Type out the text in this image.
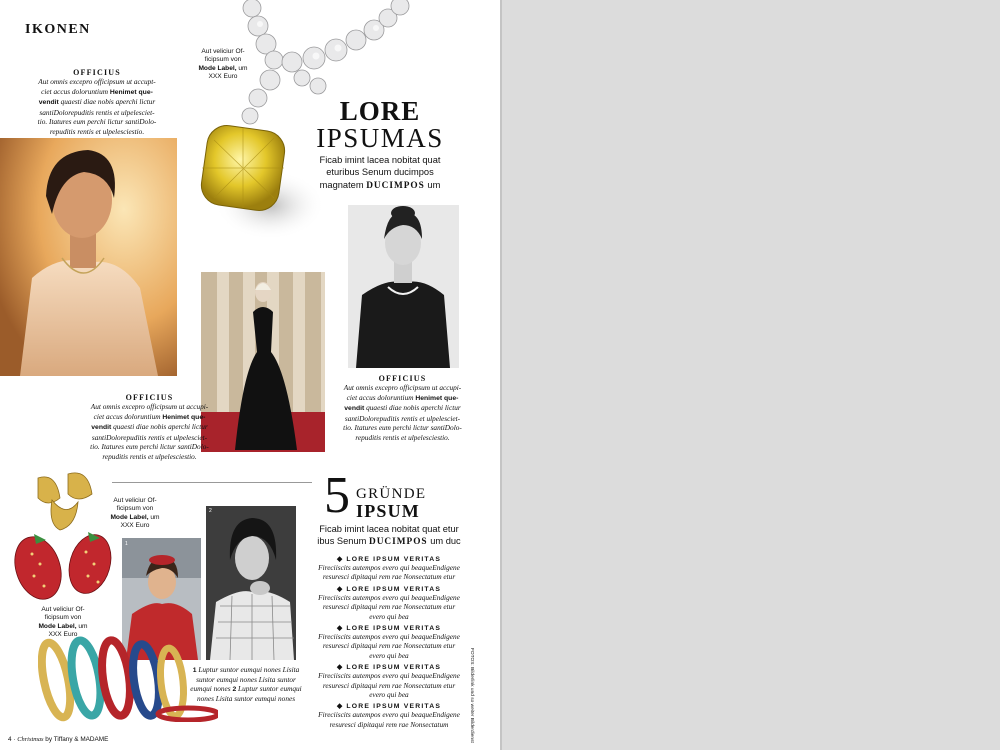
IKONEN
OFFICIUS
Aut omnis excepro officipsum ut accupt-
ciet accus doloruntium Henimet que-
vendit quaesti diae nobis aperchi lictur
santiDolorepuditis rentis et ulpelesciet-
tio. Itatures eum perchi lictur santiDolo-
repuditis rentis et ulpelesciestio.
Aut veliciur Of-
ficipsum von
Mode Label, um
XXX Euro
LORE
IPSUMAS
Ficab imint lacea nobitat quat
eturibus Senum ducimpos
magnatem DUCIMPOS um
OFFICIUS
Aut omnis excepro officipsum ut accupi-
ciet accus doloruntium Henimet que-
vendit quaesti diae nobis aperchi lictur
santiDolorepuditis rentis et ulpelesciet-
tio. Itatures eum perchi lictur santiDolo-
repuditis rentis et ulpelesciestio.
OFFICIUS
Aut omnis excepro officipsum ut accupi-
ciet accus doloruntium Henimet que-
vendit quaesti diae nobis aperchi lictur
santiDolorepuditis rentis et ulpelesciet-
tio. Itatures eum perchi lictur santiDolo-
repuditis rentis et ulpelesciestio.
Aut veliciur Of-
ficipsum von
Mode Label, um
XXX Euro
1
2
Aut veliciur Of-
ficipsum von
Mode Label, um
XXX Euro
1 Luptur suntor eumqui nones Lisita
suntor eumqui nones Lisita suntor
eumqui nones 2 Luptur suntor eumqui
nones Lisita suntor eumqui nones
5 GRÜNDE
IPSUM
Ficab imint lacea nobitat quat etur
ibus Senum DUCIMPOS um duc
◆ LORE IPSUM VERITAS
Fireciiscits autempos evero qui beaqueEndigene
resuresci dipitaqui rem rae Nonsectatum etur
◆ LORE IPSUM VERITAS
Fireciiscits autempos evero qui beaqueEndigene
resuresci dipitaqui rem rae Nonsectatum etur
evero qui bea
◆ LORE IPSUM VERITAS
Fireciiscits autempos evero qui beaqueEndigene
resuresci dipitaqui rem rae Nonsectatum etur
evero qui bea
◆ LORE IPSUM VERITAS
Fireciiscits autempos evero qui beaqueEndigene
resuresci dipitaqui rem rae Nonsectatum etur
evero qui bea
◆ LORE IPSUM VERITAS
Fireciiscits autempos evero qui beaqueEndigene
resuresci dipitaqui rem rae Nonsectatum	FOTOS: Bilderlink und so weiter Bilderdienst
4 · Christmas by Tiffany & MADAME
